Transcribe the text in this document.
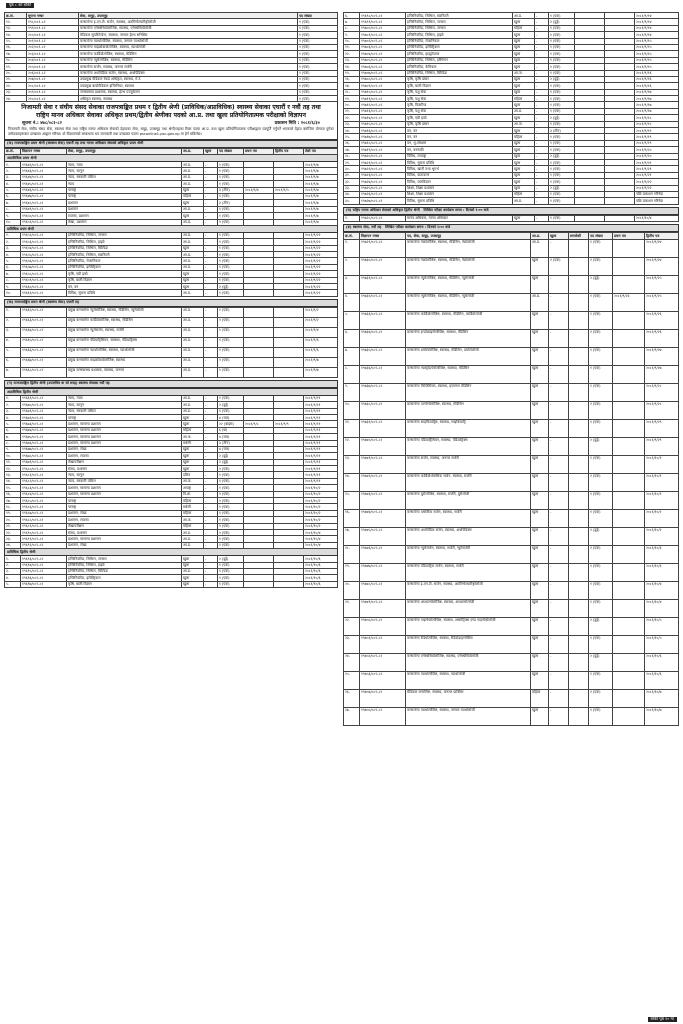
पृष्ठ ८ को बाँकी
क्र.सं.	सूचना नम्बर	सेवा, समूह, उपसमूह	पद संख्या
१२.	१९८/०८१-८२	कन्सल्टेन्ट इ.एन.टी. सर्जन, स्वास्थ्य, अटोरिनोल्यारिङ्गोलोजी	१ (एक)
१३.	१९९/०८१-८२	कन्सल्टेन्ट एनेस्थेसियोलोजिष्ट, स्वास्थ्य, एनेस्थेसियोलोजी	१ (एक)
१४.	२००/०८१-८२	मेडिकल सुपरिटेन्डेन्ट, स्वास्थ्य, जनरल हेल्थ सर्भिसेस	१ (एक)
१५.	२०१/०८१-८२	कन्सल्टेन्ट प्याथोलोजिष्ट, स्वास्थ्य, जनरल प्याथोलोजी	१ (एक)
१६.	२०२/०८१-८२	कन्सल्टेन्ट माइक्रोबायोलोजिष्ट, स्वास्थ्य, प्याथोलोजी	१ (एक)
१७.	२०३/०८१-८२	कन्सल्टेन्ट कार्डियोलोजिष्ट, स्वास्थ्य, मेडिसिन	१ (एक)
१८.	२०४/०८१-८२	कन्सल्टेन्ट न्युरोलोजिष्ट, स्वास्थ्य, मेडिसिन	१ (एक)
१९.	२०५/०८१-८२	कन्सल्टेन्ट सर्जन, स्वास्थ्य, जनरल सर्जरी	१ (एक)
२०.	२०६/०८१-८२	कन्सल्टेन्ट अर्थोपेडिक सर्जन, स्वास्थ्य, अर्थोपेडिक्स	१ (एक)
२१.	२०७/०८१-८२	उपप्रमुख मेडिकल रेकर्ड अधिकृत, स्वास्थ्य, मे.रे.	१ (एक)
२२.	२०८/०८१-८२	उपप्रमुख बायोमेडिकल इन्जिनियर, स्वास्थ्य	१ (एक)
२३.	२०९/०८१-८२	जनस्वास्थ्य प्रशासक, स्वास्थ्य, हेल्थ एज्युकेसन	१ (एक)
२४.	२१०/०८१-८२	अधिकृत स्वास्थ्य, स्वास्थ्य	१ (एक)
निजामती सेवा र संघीय संसद सेवाका राजपत्राङ्कित प्रथम र द्वितीय श्रेणी (प्राविधिक/अप्राविधिक) स्वास्थ्य सेवाका एघारौं र नवौं तह तथा
राष्ट्रिय मानव अधिकार सेवाका अधिकृत प्रथम/द्वितीय श्रेणीका पदको आ.प्र. तथा खुला प्रतियोगितात्मक परीक्षाको विज्ञापन
सूचना नं.: ४७८/०८१-८२	प्रकाशन मिति : २०८१/६/३०
निजामती सेवा, संघीय संसद सेवा, स्वास्थ्य सेवा तथा राष्ट्रिय मानव अधिकार सेवाको देहायका सेवा, समूह, उपसमूह तथा श्रेणी/तहका रिक्त पदमा आ.प्र. तथा खुला प्रतियोगितात्मक परीक्षाद्वारा पदपूर्ति गर्नुपर्ने भएकाले देहाय बमोजिम योग्यता पुगेका उम्मेदवारहरूबाट दरखास्त आह्वान गरिन्छ। यो विज्ञापनको सम्बन्धमा थप जानकारी तथा दरखास्त फारम psconline1.psc.gov.np मा हेर्न सकिनेछ।
(क) राजपत्राङ्कित प्रथम श्रेणी (स्वास्थ्य सेवा) एघारौं तह तथा मानव अधिकार सेवाको अधिकृत प्रथम श्रेणी
क्र.सं.	विज्ञापन नम्बर	सेवा, समूह, उपसमूह	आ.प्र.	खुला	पद संख्या	प्रथम पत्र	द्वितीय पत्र	तेस्रो पत्र
अप्राविधिक प्रथम श्रेणी								
१.	१९६४२/०८१-८२	न्याय, न्याय	आ.प्र.	-	१ (एक)			२०८१/९/७
२.	१९६४३/०८१-८२	न्याय, कानुन	आ.प्र.	-	१ (एक)			२०८१/९/७
३.	१९६४४/०८१-८२	न्याय, सरकारी वकिल	आ.प्र.	-	१ (एक)			२०८१/९/७
४.	१९६४५/०८१-८२	न्याय	आ.प्र.	-	१ (एक)			२०८१/९/७
५.	१९६४६/०८१-८२	परराष्ट्र	खुला	-	३ (तीन)	२०८१/९/४	२०८१/९/५	२०८१/९/७
६.	१९६४७/०८१-८२	परराष्ट्र	महिला	-	१ (एक)			२०८१/९/७
७.	१९६४८/०८१-८२	प्रशासन	खुला	-	३ (तीन)			२०८१/९/७
८.	१९६४९/०८१-८२	प्रशासन	आ.प्र.	-	१ (एक)			२०८१/९/७
९.	१९६५०/०८१-८२	राजस्व, प्रशासन	खुला	-	१ (एक)			२०८१/९/७
१०.	१९६५१/०८१-८२	लेखा, प्रशासन	आ.प्र.	-	१ (एक)			२०८१/९/७
प्राविधिक प्रथम श्रेणी								
१.	१९६५२/०८१-८२	इन्जिनियरिङ, सिभिल, जनरल	आ.प्र.	-	१ (एक)			२०८१/९/२२
२.	१९६५३/०८१-८२	इन्जिनियरिङ, सिभिल, हाइवे	आ.प्र.	-	१ (एक)			२०८१/९/२२
३.	१९६५४/०८१-८२	इन्जिनियरिङ, सिभिल, बिल्डिङ	खुला	-	१ (एक)			२०८१/९/२२
४.	१९६५५/०८१-८२	इन्जिनियरिङ, सिभिल, स्यानिटरी	आ.प्र.	-	१ (एक)			२०८१/९/२२
५.	१९६५६/०८१-८२	इन्जिनियरिङ, मेकानिकल	आ.प्र.	-	१ (एक)			२०८१/९/२२
६.	१९६५७/०८१-८२	इन्जिनियरिङ, इलेक्ट्रिकल	आ.प्र.	-	१ (एक)			२०८१/९/२२
७.	१९६५८/०८१-८२	कृषि, एग्री इको	खुला	-	१ (एक)			२०८१/९/२२
८.	१९६५९/०८१-८२	कृषि, बाली विज्ञान	खुला	-	१ (एक)			२०८१/९/२२
९.	१९६६०/०८१-८२	वन, वन	खुला	-	२ (दुई)			२०८१/९/२२
१०.	१९६६१/०८१-८२	विविध, सूचना प्रविधि	आ.प्र.	-	१ (एक)			२०८१/९/२२
(ख) राजपत्राङ्कित प्रथम श्रेणी (स्वास्थ्य सेवा) एघारौं तह
१.	१९६६२/०८१-८२	प्रमुख कन्सल्टेन्ट न्युरोलोजिष्ट, स्वास्थ्य, मेडिसिन, न्युरोलोजी	आ.प्र.	-	१ (एक)			२०८१/९/२
२.	१९६६३/०८१-८२	प्रमुख कन्सल्टेन्ट कार्डियोलोजिष्ट, स्वास्थ्य, मेडिसिन	आ.प्र.	-	१ (एक)			२०८१/९/२
३.	१९६६४/०८१-८२	प्रमुख कन्सल्टेन्ट न्युरोसर्जन, स्वास्थ्य, सर्जरी	आ.प्र.	-	१ (एक)			२०८१/९/४
४.	१९६६५/०८१-८२	प्रमुख कन्सल्टेन्ट पेडियाट्रिसियन, स्वास्थ्य, पेडियाट्रिक्स	आ.प्र.	-	१ (एक)			२०८१/९/६
५.	१९६६६/०८१-८२	प्रमुख कन्सल्टेन्ट प्याथोलोजिष्ट, स्वास्थ्य, प्याथोलोजी	आ.प्र.	-	१ (एक)			२०८१/९/६
६.	१९६६७/०८१-८२	प्रमुख कन्सल्टेन्ट माइक्रोबायोलोजिष्ट, स्वास्थ्य	आ.प्र.	-	१ (एक)			२०८१/९/७
७.	१९६६८/०८१-८२	प्रमुख जनस्वास्थ्य प्रशासक, स्वास्थ्य, जनरल	आ.प्र.	-	१ (एक)			२०८१/९/७
(ग) राजपत्राङ्कित द्वितीय श्रेणी (उपसचिव वा सो सरह) स्वास्थ्य सेवाका नवौं तह
अप्राविधिक द्वितीय श्रेणी								
१.	१९६६९/०८१-८२	न्याय, न्याय	आ.प्र.	-	१ (एक)			२०८१/९/११
२.	१९६७०/०८१-८२	न्याय, कानुन	आ.प्र.	-	२ (दुई)			२०८१/९/११
३.	१९६७१/०८१-८२	न्याय, सरकारी वकिल	आ.प्र.	-	१ (एक)			२०८१/९/११
४.	१९६७२/०८१-८२	परराष्ट्र	खुला	-	४ (चार)			२०८१/९/११
५.	१९६७३/०८१-८२	प्रशासन, सामान्य प्रशासन	खुला	-	२२ (बाइस)	२०८१/९/८	२०८१/९/९	२०८१/९/११
६.	१९६७४/०८१-८२	प्रशासन, सामान्य प्रशासन	महिला	-	६ (छ)			२०८१/९/११
७.	१९६७५/०८१-८२	प्रशासन, सामान्य प्रशासन	आ.ज.	-	४ (चार)			२०८१/९/११
८.	१९६७६/०८१-८२	प्रशासन, सामान्य प्रशासन	मधेसी	-	३ (तीन)			२०८१/९/११
९.	१९६७७/०८१-८२	प्रशासन, लेखा	खुला	-	४ (चार)			२०८१/९/११
१०.	१९६७८/०८१-८२	प्रशासन, राजस्व	खुला	-	२ (दुई)			२०८१/९/११
११.	१९६७९/०८१-८२	लेखापरीक्षण	खुला	-	२ (दुई)			२०८१/९/११
१२.	१९६८०/०८१-८२	संसद, प्रशासन	खुला	-	१ (एक)			२०८१/९/११
१३.	१९६८१/०८१-८२	न्याय, कानुन	दलित	-	१ (एक)			२०८१/९/११
१४.	१९६८२/०८१-८२	न्याय, सरकारी वकिल	आ.ज.	-	१ (एक)			२०८१/९/११
१५.	१९६८३/०८१-८२	प्रशासन, सामान्य प्रशासन	अपाङ्ग	-	१ (एक)			२०८१/१०/२
१६.	१९६८४/०८१-८२	प्रशासन, सामान्य प्रशासन	पि.क्षे.	-	१ (एक)			२०८१/१०/२
१७.	१९६८५/०८१-८२	परराष्ट्र	महिला	-	१ (एक)			२०८१/१०/२
१८.	१९६८६/०८१-८२	परराष्ट्र	मधेसी	-	१ (एक)			२०८१/१०/२
१९.	१९६८७/०८१-८२	प्रशासन, लेखा	महिला	-	१ (एक)			२०८१/१०/२
२०.	१९६८८/०८१-८२	प्रशासन, राजस्व	आ.ज.	-	१ (एक)			२०८१/१०/२
२१.	१९६८९/०८१-८२	लेखापरीक्षण	महिला	-	१ (एक)			२०८१/१०/२
२२.	१९६९०/०८१-८२	संसद, प्रशासन	आ.प्र.	-	१ (एक)			२०८१/१०/४
२३.	१९६९१/०८१-८२	प्रशासन, सामान्य प्रशासन	आ.प्र.	-	१ (एक)			२०८१/१०/४
२४.	१९६९२/०८१-८२	प्रशासन, लेखा	आ.प्र.	-	१ (एक)			२०८१/१०/४
प्राविधिक द्वितीय श्रेणी								
१.	१९६९३/०८१-८२	इन्जिनियरिङ, सिभिल, जनरल	खुला	-	२ (दुई)			२०८१/१०/६
२.	१९६९४/०८१-८२	इन्जिनियरिङ, सिभिल, हाइवे	खुला	-	१ (एक)			२०८१/१०/६
३.	१९६९५/०८१-८२	इन्जिनियरिङ, सिभिल, बिल्डिङ	आ.प्र.	-	१ (एक)			२०८१/१०/६
४.	१९६९६/०८१-८२	इन्जिनियरिङ, इलेक्ट्रिकल	खुला	-	१ (एक)			२०८१/१०/६
५.	१९६९७/०८१-८२	कृषि, बाली विज्ञान	खुला	-	१ (एक)			२०८१/१०/६
६.	१९६९८/०८१-८२	इन्जिनियरिङ, सिभिल, स्यानिटरी	आ.प्र.	-	१ (एक)			२०८१/९/१४
७.	१९६९९/०८१-८२	इन्जिनियरिङ, सिभिल, जनरल	खुला	-	२ (दुई)			२०८१/९/१४
८.	१९७००/०८१-८२	इन्जिनियरिङ, सिभिल, जनरल	महिला	-	१ (एक)			२०८१/९/१४
९.	१९७०१/०८१-८२	इन्जिनियरिङ, सिभिल, हाइवे	खुला	-	१ (एक)			२०८१/९/१४
१०.	१९७०२/०८१-८२	इन्जिनियरिङ, मेकानिकल	खुला	-	१ (एक)			२०८१/९/१५
११.	१९७०३/०८१-८२	इन्जिनियरिङ, इलेक्ट्रिकल	खुला	-	१ (एक)			२०८१/९/१५
१२.	१९७०४/०८१-८२	इन्जिनियरिङ, हाइड्रोपावर	खुला	-	१ (एक)			२०८१/९/१५
१३.	१९७०५/०८१-८२	इन्जिनियरिङ, सिभिल, इरिगेसन	खुला	-	१ (एक)			२०८१/९/१५
१४.	१९७०६/०८१-८२	इन्जिनियरिङ, केमिकल	खुला	-	१ (एक)			२०८१/९/१५
१५.	१९७०७/०८१-८२	इन्जिनियरिङ, सिभिल, बिल्डिङ	आ.ज.	-	१ (एक)			२०८१/९/१६
१६.	१९७०८/०८१-८२	कृषि, कृषि प्रसार	खुला	-	२ (दुई)			२०८१/९/१६
१७.	१९७०९/०८१-८२	कृषि, बाली विज्ञान	खुला	-	१ (एक)			२०८१/९/१६
१८.	१९७१०/०८१-८२	कृषि, पशु सेवा	खुला	-	१ (एक)			२०८१/९/१७
१९.	१९७११/०८१-८२	कृषि, पशु सेवा	महिला	-	१ (एक)			२०८१/९/१७
२०.	१९७१२/०८१-८२	कृषि, फिसरिज	खुला	-	१ (एक)			२०८१/९/१७
२१.	१९७१३/०८१-८२	कृषि, पशु सेवा	आ.प्र.	-	१ (एक)			२०८१/९/१७
२२.	१९७१४/०८१-८२	कृषि, एग्री इको	खुला	-	२ (दुई)			२०८१/९/१८
२३.	१९७१५/०८१-८२	कृषि, कृषि प्रसार	आ.ज.	-	१ (एक)			२०८१/९/१८
२४.	१९७१६/०८१-८२	वन, वन	खुला	-	३ (तीन)			२०८१/९/१९
२५.	१९७१७/०८१-८२	वन, वन	महिला	-	१ (एक)			२०८१/९/१९
२६.	१९७१८/०८१-८२	वन, भू-संरक्षण	खुला	-	१ (एक)			२०८१/९/१९
२७.	१९७१९/०८१-८२	वन, वनस्पति	खुला	-	१ (एक)			२०८१/९/२०
२८.	१९७२०/०८१-८२	विविध, तथ्याङ्क	खुला	-	२ (दुई)			२०८१/९/२०
२९.	१९७२१/०८१-८२	विविध, सूचना प्रविधि	खुला	-	१ (एक)			२०८१/९/२१
३०.	१९७२२/०८१-८२	विविध, खानी तथा भूगर्भ	खुला	-	१ (एक)			२०८१/९/२१
३१.	१९७२३/०८१-८२	विविध, वातावरण	खुला	-	१ (एक)			२०८१/९/२१
३२.	१९७२४/०८१-८२	विविध, जलविज्ञान	खुला	-	१ (एक)			२०८१/९/२२
३३.	१९७२५/०८१-८२	शिक्षा, शिक्षा प्रशासन	खुला	-	२ (दुई)			२०८१/९/२२
३४.	१९७२६/०८१-८२	शिक्षा, शिक्षा प्रशासन	महिला	-	१ (एक)			पछि प्रकाशन गरिनेछ
३५.	१९७२७/०८१-८२	विविध, सूचना प्रविधि	आ.प्र.	-	१ (एक)			पछि प्रकाशन गरिनेछ
(घ) राष्ट्रिय मानव अधिकार सेवाको अधिकृत द्वितीय श्रेणी लिखित परीक्षा कार्यक्रम समय : दिनको १:०० बजे
१.	१९७२८/०८१-८२	मानव अधिकार, मानव अधिकार	खुला	-	१ (एक)			२०८१/१०/४
(ङ) स्वास्थ्य सेवा, नवौं तह लिखित परीक्षा कार्यक्रम समय : दिनको १:०० बजे
क्र.सं.	विज्ञापन नम्बर	पद, सेवा, समूह, उपसमूह	आ.प्र.	खुला	समावेशी	पद संख्या	प्रथम पत्र	द्वितीय पत्र
१.	१९७२९/०८१-८२	कन्सल्टेन्ट नेफ्रोलोजिष्ट, स्वास्थ्य, मेडिसिन, नेफ्रोलोजी	आ.प्र.	-		१ (एक)		२०८१/९/२४
२.	१९७३०/०८१-८२	कन्सल्टेन्ट नेफ्रोलोजिष्ट, स्वास्थ्य, मेडिसिन, नेफ्रोलोजी	खुला	१ (एक)		१ (एक)		२०८१/९/२४
३.	१९७३१/०८१-८२	कन्सल्टेन्ट न्युरोलोजिष्ट, स्वास्थ्य, मेडिसिन, न्युरोलोजी	खुला	-		२ (दुई)		२०८१/९/२५
४.	१९७३२/०८१-८२	कन्सल्टेन्ट न्युरोलोजिष्ट, स्वास्थ्य, मेडिसिन, न्युरोलोजी	आ.प्र.	-		१ (एक)	२०८१/९/२३	२०८१/९/२५
५.	१९७३३/०८१-८२	कन्सल्टेन्ट कार्डियोलोजिष्ट, स्वास्थ्य, मेडिसिन, कार्डियोलोजी	खुला	-		१ (एक)		२०८१/९/२६
६.	१९७३४/०८१-८२	कन्सल्टेन्ट इन्डोक्राइनोलोजिष्ट, स्वास्थ्य, मेडिसिन	खुला	-		१ (एक)		२०८१/९/२६
७.	१९७३५/०८१-८२	कन्सल्टेन्ट डर्माटोलोजिष्ट, स्वास्थ्य, मेडिसिन, डर्माटोलोजी	खुला	-		१ (एक)		२०८१/९/२७
८.	१९७३६/०८१-८२	कन्सल्टेन्ट ग्यास्ट्रोइन्टेरोलोजिष्ट, स्वास्थ्य, मेडिसिन	खुला	-		१ (एक)		२०८१/९/२७
९.	१९७३७/०८१-८२	कन्सल्टेन्ट फिजिसियन, स्वास्थ्य, इन्टरनल मेडिसिन	खुला	-		१ (एक)		२०८१/९/२८
१०.	१९७३८/०८१-८२	कन्सल्टेन्ट पल्मोनोलोजिष्ट, स्वास्थ्य, मेडिसिन	खुला	-		१ (एक)		२०८१/९/२८
११.	१९७३९/०८१-८२	कन्सल्टेन्ट साइकियाट्रिष्ट, स्वास्थ्य, साइकियाट्रि	खुला	-		१ (एक)		२०८१/९/२९
१२.	१९७४०/०८१-८२	कन्सल्टेन्ट पेडियाट्रिसियन, स्वास्थ्य, पेडियाट्रिक्स	खुला	-		२ (दुई)		२०८१/९/२९
१३.	१९७४१/०८१-८२	कन्सल्टेन्ट सर्जन, स्वास्थ्य, जनरल सर्जरी	खुला	-		१ (एक)		२०८१/१०/१
१४.	१९७४२/०८१-८२	कन्सल्टेन्ट कार्डियोथोरासिक सर्जन, स्वास्थ्य, सर्जरी	खुला	-		१ (एक)		२०८१/१०/१
१५.	१९७४३/०८१-८२	कन्सल्टेन्ट युरोलोजिष्ट, स्वास्थ्य, सर्जरी, युरोलोजी	खुला	-		१ (एक)		२०८१/१०/१
१६.	१९७४४/०८१-८२	कन्सल्टेन्ट प्लास्टिक सर्जन, स्वास्थ्य, सर्जरी	खुला	-		१ (एक)		२०८१/१०/२
१७.	१९७४५/०८१-८२	कन्सल्टेन्ट अर्थोपेडिक सर्जन, स्वास्थ्य, अर्थोपेडिक्स	खुला	-		२ (दुई)		२०८१/१०/२
१८.	१९७४६/०८१-८२	कन्सल्टेन्ट न्युरोसर्जन, स्वास्थ्य, सर्जरी, न्युरोसर्जरी	खुला	-		१ (एक)		२०८१/१०/३
१९.	१९७४७/०८१-८२	कन्सल्टेन्ट पेडियाट्रिक सर्जन, स्वास्थ्य, सर्जरी	खुला	-		१ (एक)		२०८१/१०/३
२०.	१९७४८/०८१-८२	कन्सल्टेन्ट इ.एन.टी. सर्जन, स्वास्थ्य, अटोरिनोल्यारिङ्गोलोजी	खुला	-		१ (एक)		२०८१/१०/४
२१.	१९७४९/०८१-८२	कन्सल्टेन्ट अप्थाल्मोलोजिष्ट, स्वास्थ्य, अप्थाल्मोलोजी	खुला	-		१ (एक)		२०८१/१०/४
२२.	१९७५०/०८१-८२	कन्सल्टेन्ट गाइनोकोलोजिष्ट, स्वास्थ्य, अब्स्टेट्रिक्स एण्ड गाइनोकोलोजी	खुला	-		२ (दुई)		२०८१/१०/५
२३.	१९७५१/०८१-८२	कन्सल्टेन्ट रेडियोलोजिष्ट, स्वास्थ्य, रेडियोडाइग्नोसिस	खुला	-		१ (एक)		२०८१/१०/५
२४.	१९७५२/०८१-८२	कन्सल्टेन्ट एनेस्थेसियोलोजिष्ट, स्वास्थ्य, एनेस्थेसियोलोजी	खुला	-		२ (दुई)		२०८१/१०/६
२५.	१९७५३/०८१-८२	कन्सल्टेन्ट प्याथोलोजिष्ट, स्वास्थ्य, प्याथोलोजी	खुला	-		१ (एक)		२०८१/१०/६
२६.	१९७५४/०८१-८२	मेडिकल जनरलिष्ट, स्वास्थ्य, जनरल प्राक्टिस	महिला	-		१ (एक)		२०८१/१०/७
२७.	१९७५५/०८१-८२	कन्सल्टेन्ट प्याथोलोजिष्ट, स्वास्थ्य, जनरल प्याथोलोजी	खुला	-		१ (एक)		२०८१/१०/७
बाँकी पृष्ठ १० मा
